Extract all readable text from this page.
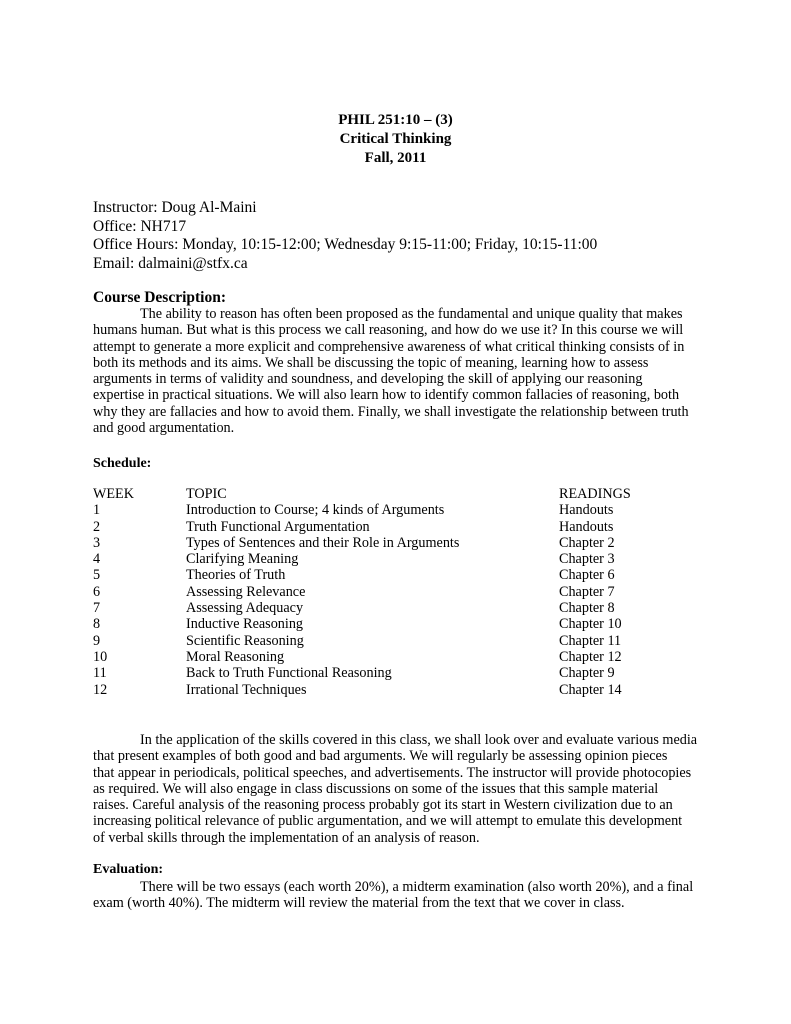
PHIL 251:10 – (3)
Critical Thinking
Fall, 2011
Instructor: Doug Al-Maini
Office: NH717
Office Hours: Monday, 10:15-12:00; Wednesday 9:15-11:00; Friday, 10:15-11:00
Email: dalmaini@stfx.ca
Course Description:
The ability to reason has often been proposed as the fundamental and unique quality that makes
humans human. But what is this process we call reasoning, and how do we use it? In this course we will
attempt to generate a more explicit and comprehensive awareness of what critical thinking consists of in
both its methods and its aims. We shall be discussing the topic of meaning, learning how to assess
arguments in terms of validity and soundness, and developing the skill of applying our reasoning
expertise in practical situations. We will also learn how to identify common fallacies of reasoning, both
why they are fallacies and how to avoid them. Finally, we shall investigate the relationship between truth
and good argumentation.
Schedule:
WEEK	TOPIC	READINGS
1	Introduction to Course; 4 kinds of Arguments	Handouts
2	Truth Functional Argumentation	Handouts
3	Types of Sentences and their Role in Arguments	Chapter 2
4	Clarifying Meaning	Chapter 3
5	Theories of Truth	Chapter 6
6	Assessing Relevance	Chapter 7
7	Assessing Adequacy	Chapter 8
8	Inductive Reasoning	Chapter 10
9	Scientific Reasoning	Chapter 11
10	Moral Reasoning	Chapter 12
11	Back to Truth Functional Reasoning	Chapter 9
12	Irrational Techniques	Chapter 14
In the application of the skills covered in this class, we shall look over and evaluate various media
that present examples of both good and bad arguments. We will regularly be assessing opinion pieces
that appear in periodicals, political speeches, and advertisements. The instructor will provide photocopies
as required. We will also engage in class discussions on some of the issues that this sample material
raises. Careful analysis of the reasoning process probably got its start in Western civilization due to an
increasing political relevance of public argumentation, and we will attempt to emulate this development
of verbal skills through the implementation of an analysis of reason.
Evaluation:
There will be two essays (each worth 20%), a midterm examination (also worth 20%), and a final
exam (worth 40%). The midterm will review the material from the text that we cover in class.
